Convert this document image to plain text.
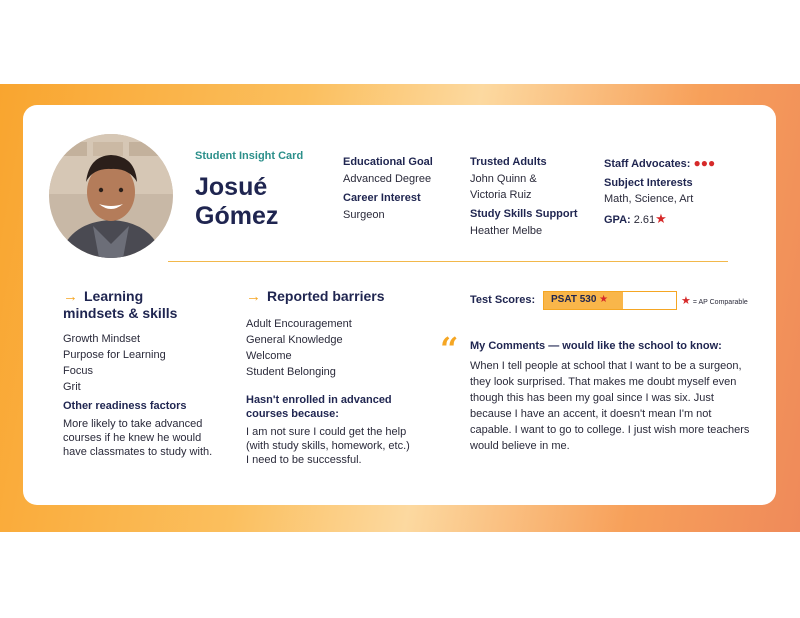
Student Insight Card
Josué
Gómez
Educational Goal
Advanced Degree
Career Interest
Surgeon
Trusted Adults
John Quinn &
Victoria Ruiz
Study Skills Support
Heather Melbe
Staff Advocates: ●●●
Subject Interests
Math, Science, Art
GPA: 2.61★
→ Learning
mindsets & skills
Growth Mindset
Purpose for Learning
Focus
Grit
Other readiness factors
More likely to take advanced courses if he knew he would have classmates to study with.
→ Reported barriers
Adult Encouragement
General Knowledge
Welcome
Student Belonging
Hasn't enrolled in advanced courses because:
I am not sure I could get the help (with study skills, homework, etc.) I need to be successful.
Test Scores: PSAT 530 ★	★ = AP Comparable
“ My Comments — would like the school to know:
When I tell people at school that I want to be a surgeon, they look surprised. That makes me doubt myself even though this has been my goal since I was six. Just because I have an accent, it doesn't mean I'm not capable. I want to go to college. I just wish more teachers would believe in me.
